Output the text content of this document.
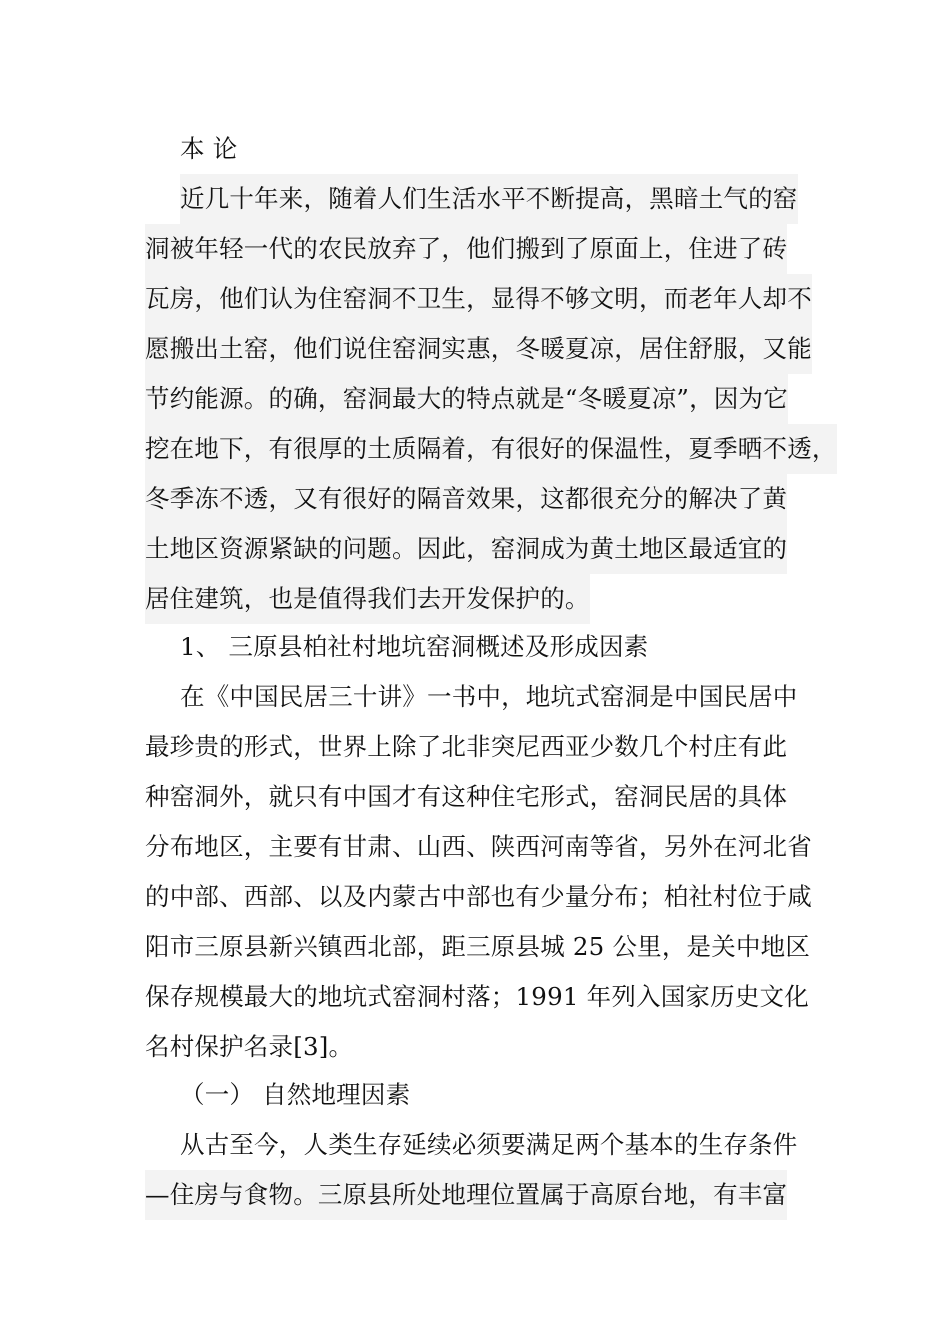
本 论
近几十年来，随着人们生活水平不断提高，黑暗土气的窑
洞被年轻一代的农民放弃了，他们搬到了原面上，住进了砖
瓦房，他们认为住窑洞不卫生，显得不够文明，而老年人却不
愿搬出土窑，他们说住窑洞实惠，冬暖夏凉，居住舒服，又能
节约能源。的确，窑洞最大的特点就是“冬暖夏凉”，因为它
挖在地下，有很厚的土质隔着，有很好的保温性，夏季晒不透，
冬季冻不透，又有很好的隔音效果，这都很充分的解决了黄
土地区资源紧缺的问题。因此，窑洞成为黄土地区最适宜的
居住建筑，也是值得我们去开发保护的。
1、 三原县柏社村地坑窑洞概述及形成因素
在《中国民居三十讲》一书中，地坑式窑洞是中国民居中
最珍贵的形式，世界上除了北非突尼西亚少数几个村庄有此
种窑洞外，就只有中国才有这种住宅形式，窑洞民居的具体
分布地区，主要有甘肃、山西、陕西河南等省，另外在河北省
的中部、西部、以及内蒙古中部也有少量分布；柏社村位于咸
阳市三原县新兴镇西北部，距三原县城 25 公里，是关中地区
保存规模最大的地坑式窑洞村落；1991 年列入国家历史文化
名村保护名录[3]。
（一） 自然地理因素
从古至今，人类生存延续必须要满足两个基本的生存条件
—住房与食物。三原县所处地理位置属于高原台地，有丰富
